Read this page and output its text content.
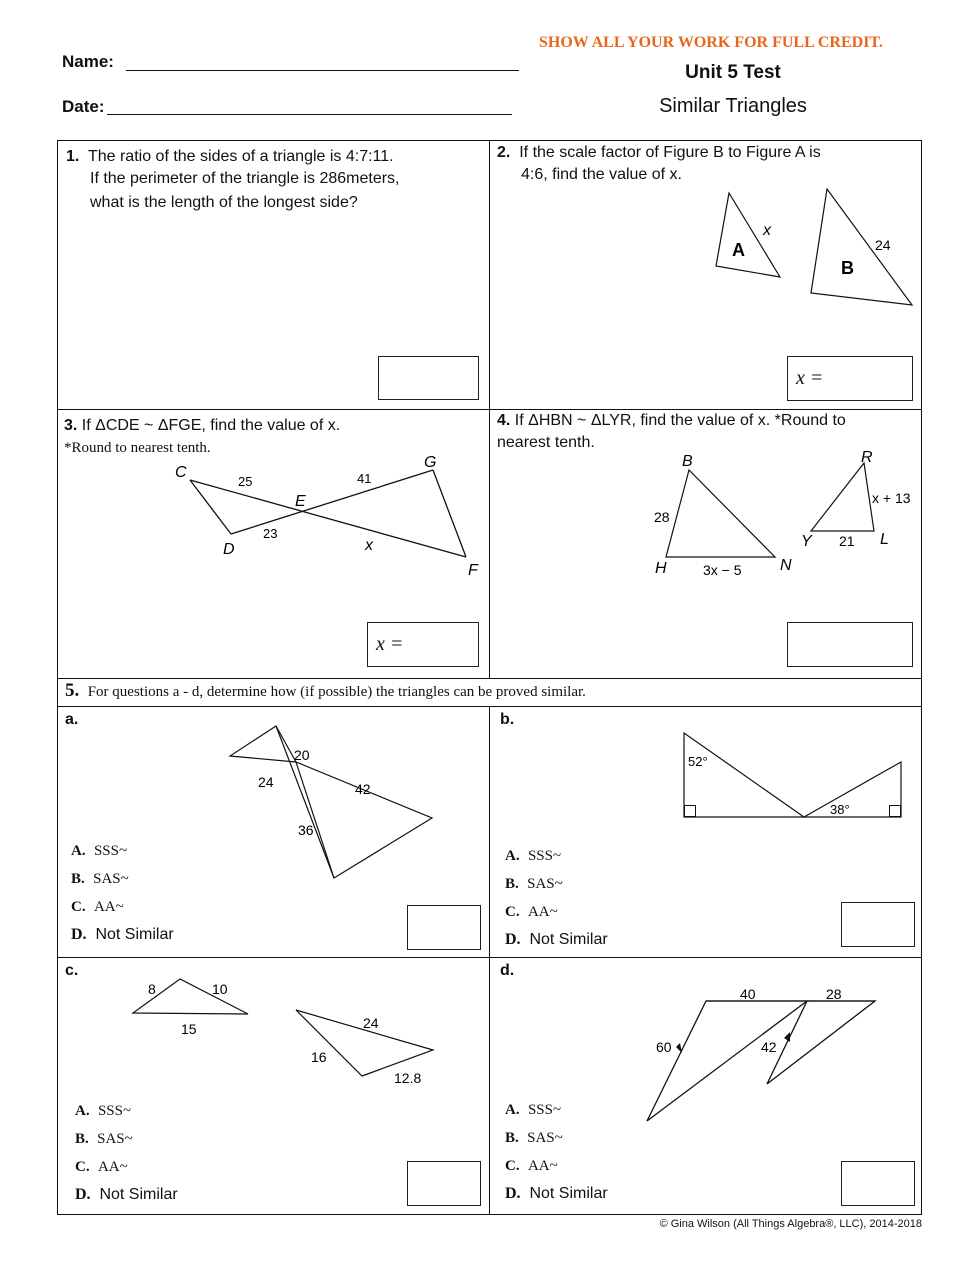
SHOW ALL YOUR WORK FOR FULL CREDIT.
Name:
Date:
Unit 5 Test
Similar Triangles
1. The ratio of the sides of a triangle is 4:7:11.
If the perimeter of the triangle is 286meters,
what is the length of the longest side?
2. If the scale factor of Figure B to Figure A is
4:6, find the value of x.
A
B
x
24
x =
3. If ΔCDE ~ ΔFGE, find the value of x.
*Round to nearest tenth.
C
G
E
D
F
x
25	41
23
x =
4. If ΔHBN ~ ΔLYR, find the value of x. *Round to
nearest tenth.
B
H	N
R
Y	L
28
3x − 5
x + 13
21
5. For questions a - d, determine how (if possible) the triangles can be proved similar.
a.
20
24	42
36
A. SSS~
B. SAS~
C. AA~
D. Not Similar
b.
52°
38°
A. SSS~
B. SAS~
C. AA~
D. Not Similar
c.
8	10
15	24
16
12.8
A. SSS~
B. SAS~
C. AA~
D. Not Similar
d.
40	28
60	42
A. SSS~
B. SAS~
C. AA~
D. Not Similar
© Gina Wilson (All Things Algebra®, LLC), 2014-2018
